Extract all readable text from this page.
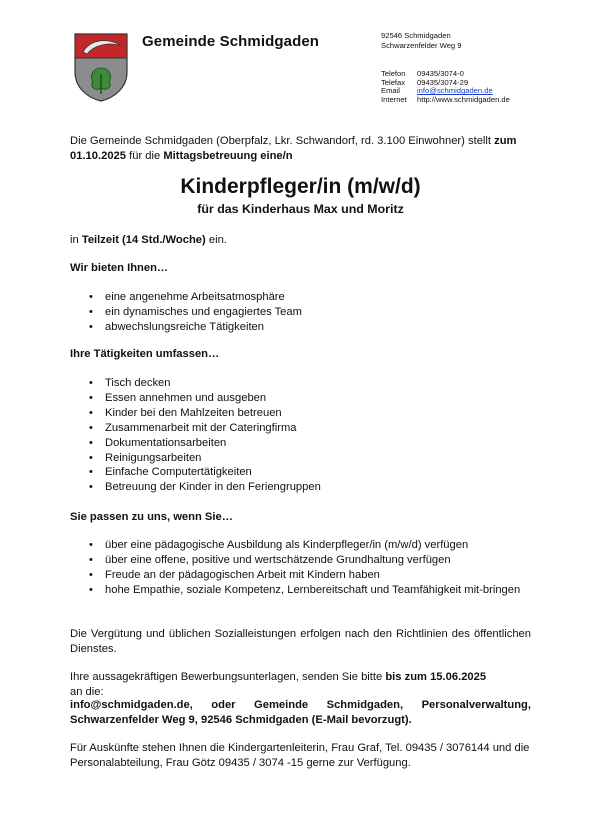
Gemeinde Schmidgaden	92546 Schmidgaden
Schwarzenfelder Weg 9
Telefon	09435/3074-0
Telefax	09435/3074-29
Email	info@schmidgaden.de
Internet	http://www.schmidgaden.de
Die Gemeinde Schmidgaden (Oberpfalz, Lkr. Schwandorf, rd. 3.100 Einwohner) stellt zum 01.10.2025 für die Mittagsbetreuung eine/n
Kinderpfleger/in (m/w/d)
für das Kinderhaus Max und Moritz
in Teilzeit (14 Std./Woche) ein.
Wir bieten Ihnen…
• eine angenehme Arbeitsatmosphäre
• ein dynamisches und engagiertes Team
• abwechslungsreiche Tätigkeiten
Ihre Tätigkeiten umfassen…
• Tisch decken
• Essen annehmen und ausgeben
• Kinder bei den Mahlzeiten betreuen
• Zusammenarbeit mit der Cateringfirma
• Dokumentationsarbeiten
• Reinigungsarbeiten
• Einfache Computertätigkeiten
• Betreuung der Kinder in den Feriengruppen
Sie passen zu uns, wenn Sie…
• über eine pädagogische Ausbildung als Kinderpfleger/in (m/w/d) verfügen
• über eine offene, positive und wertschätzende Grundhaltung verfügen
• Freude an der pädagogischen Arbeit mit Kindern haben
• hohe Empathie, soziale Kompetenz, Lernbereitschaft und Teamfähigkeit mit-bringen
Die Vergütung und üblichen Sozialleistungen erfolgen nach den Richtlinien des öffentlichen Dienstes.
Ihre aussagekräftigen Bewerbungsunterlagen, senden Sie bitte bis zum 15.06.2025
an die:
info@schmidgaden.de, oder Gemeinde Schmidgaden, Personalverwaltung, Schwarzenfelder Weg 9, 92546 Schmidgaden (E-Mail bevorzugt).
Für Auskünfte stehen Ihnen die Kindergartenleiterin, Frau Graf, Tel. 09435 / 3076144 und die Personalabteilung, Frau Götz 09435 / 3074 -15 gerne zur Verfügung.
